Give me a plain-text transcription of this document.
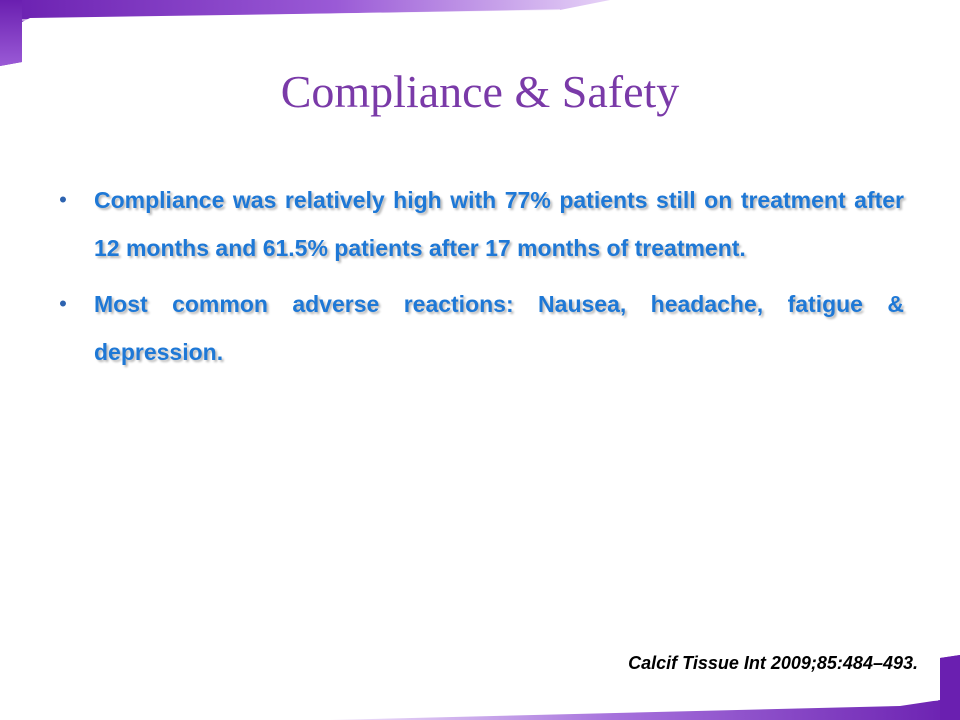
Compliance & Safety
• Compliance was relatively high with 77% patients still on treatment after 12 months and 61.5% patients after 17 months of treatment.
• Most common adverse reactions: Nausea, headache, fatigue & depression.
Calcif Tissue Int 2009;85:484–493.
